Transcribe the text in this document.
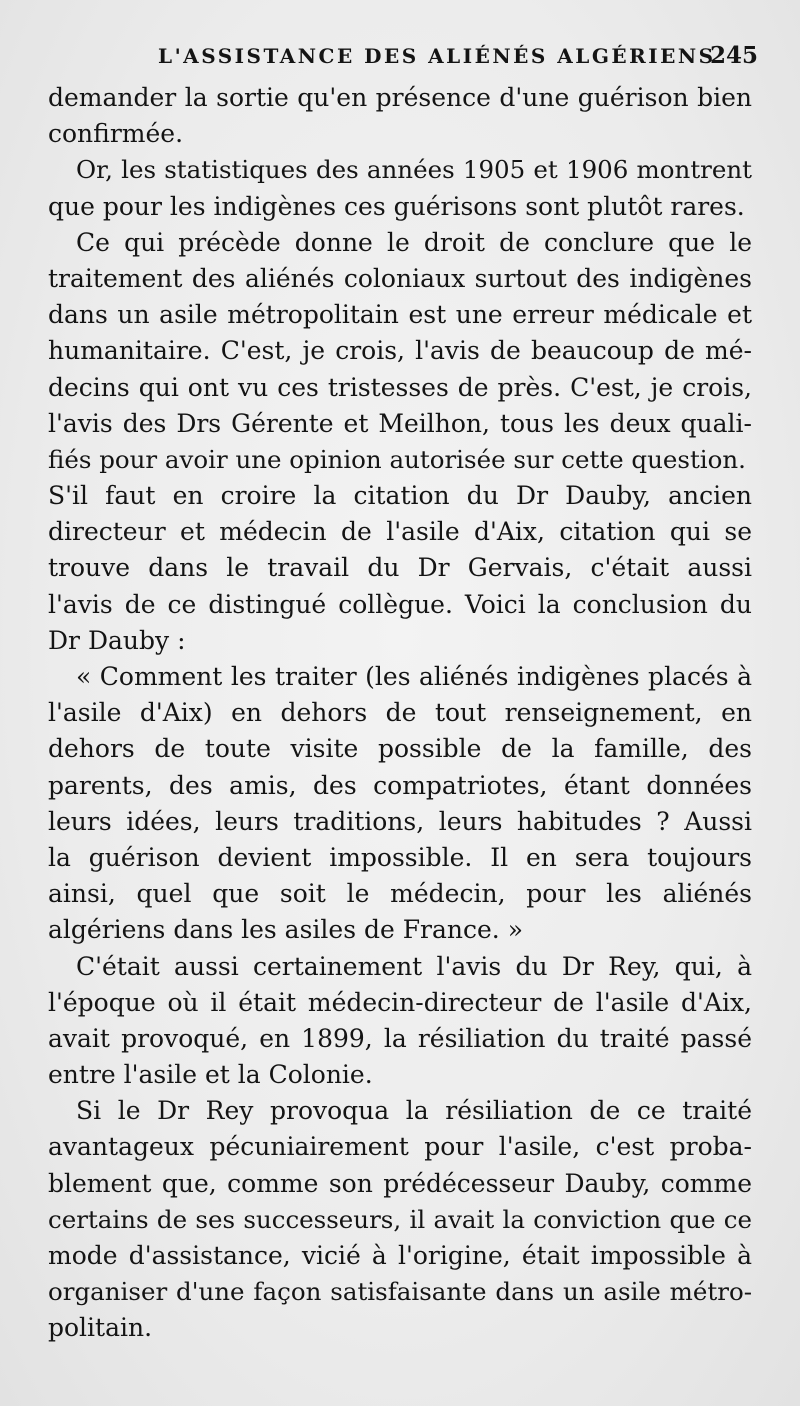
L'ASSISTANCE DES ALIÉNÉS ALGÉRIENS
245
demander la sortie qu'en présence d'une guérison bien
confirmée.
Or, les statistiques des années 1905 et 1906 montrent
que pour les indigènes ces guérisons sont plutôt rares.
Ce qui précède donne le droit de conclure que le
traitement des aliénés coloniaux surtout des indigènes
dans un asile métropolitain est une erreur médicale et
humanitaire. C'est, je crois, l'avis de beaucoup de mé-
decins qui ont vu ces tristesses de près. C'est, je crois,
l'avis des Drs Gérente et Meilhon, tous les deux quali-
fiés pour avoir une opinion autorisée sur cette question.
S'il faut en croire la citation du Dr Dauby, ancien
directeur et médecin de l'asile d'Aix, citation qui se
trouve dans le travail du Dr Gervais, c'était aussi
l'avis de ce distingué collègue. Voici la conclusion du
Dr Dauby :
« Comment les traiter (les aliénés indigènes placés à
l'asile d'Aix) en dehors de tout renseignement, en
dehors de toute visite possible de la famille, des
parents, des amis, des compatriotes, étant données
leurs idées, leurs traditions, leurs habitudes ? Aussi
la guérison devient impossible. Il en sera toujours
ainsi, quel que soit le médecin, pour les aliénés
algériens dans les asiles de France. »
C'était aussi certainement l'avis du Dr Rey, qui, à
l'époque où il était médecin-directeur de l'asile d'Aix,
avait provoqué, en 1899, la résiliation du traité passé
entre l'asile et la Colonie.
Si le Dr Rey provoqua la résiliation de ce traité
avantageux pécuniairement pour l'asile, c'est proba-
blement que, comme son prédécesseur Dauby, comme
certains de ses successeurs, il avait la conviction que ce
mode d'assistance, vicié à l'origine, était impossible à
organiser d'une façon satisfaisante dans un asile métro-
politain.
